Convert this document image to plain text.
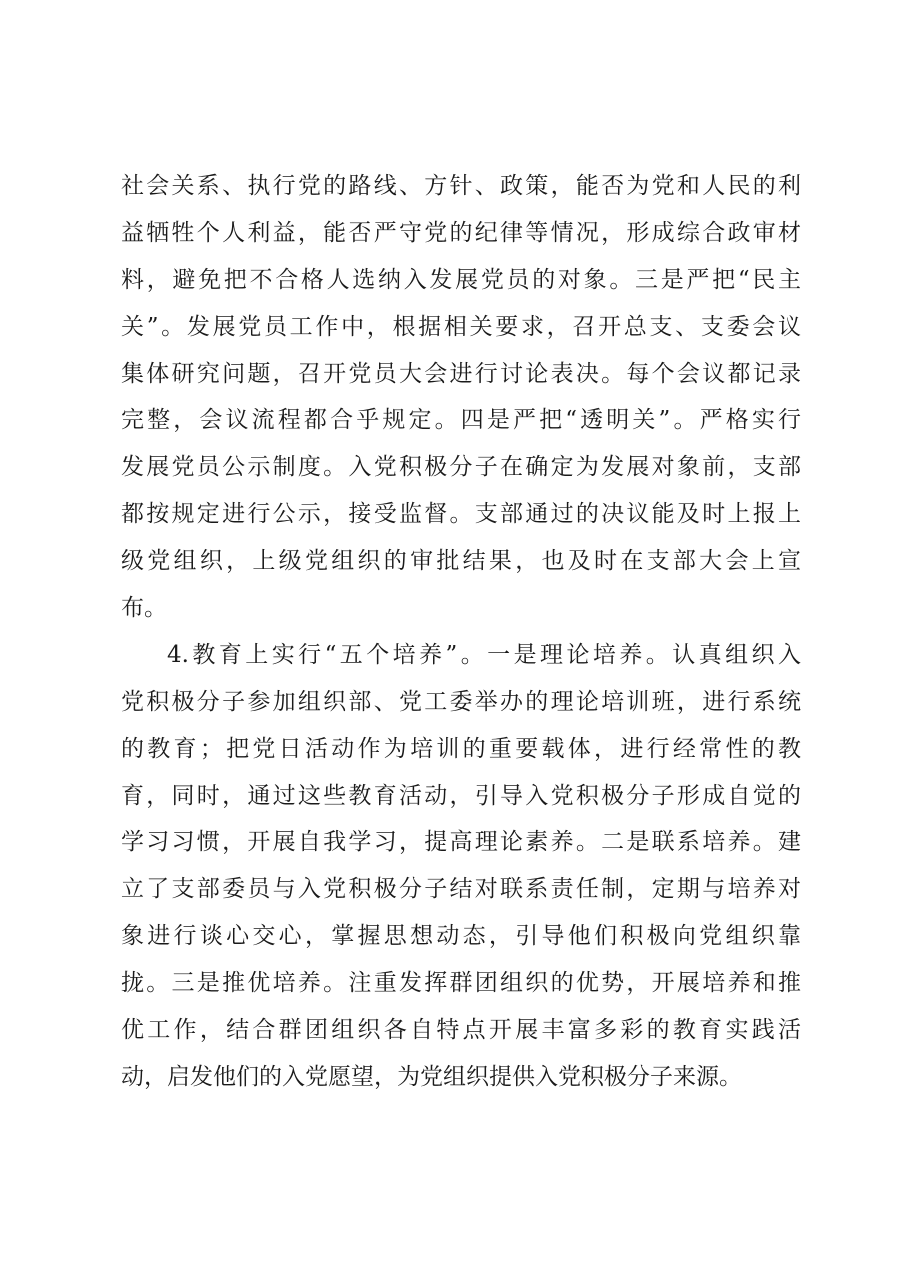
社会关系、执行党的路线、方针、政策，能否为党和人民的利
益牺牲个人利益，能否严守党的纪律等情况，形成综合政审材
料，避免把不合格人选纳入发展党员的对象。三是严把“民主
关”。发展党员工作中，根据相关要求，召开总支、支委会议
集体研究问题，召开党员大会进行讨论表决。每个会议都记录
完整，会议流程都合乎规定。四是严把“透明关”。严格实行
发展党员公示制度。入党积极分子在确定为发展对象前，支部
都按规定进行公示，接受监督。支部通过的决议能及时上报上
级党组织，上级党组织的审批结果，也及时在支部大会上宣
布。
4.教育上实行“五个培养”。一是理论培养。认真组织入
党积极分子参加组织部、党工委举办的理论培训班，进行系统
的教育；把党日活动作为培训的重要载体，进行经常性的教
育，同时，通过这些教育活动，引导入党积极分子形成自觉的
学习习惯，开展自我学习，提高理论素养。二是联系培养。建
立了支部委员与入党积极分子结对联系责任制，定期与培养对
象进行谈心交心，掌握思想动态，引导他们积极向党组织靠
拢。三是推优培养。注重发挥群团组织的优势，开展培养和推
优工作，结合群团组织各自特点开展丰富多彩的教育实践活
动，启发他们的入党愿望，为党组织提供入党积极分子来源。
